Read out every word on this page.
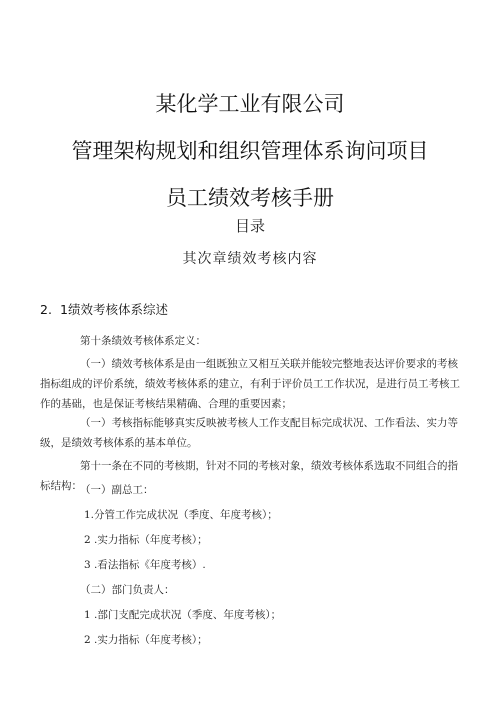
某化学工业有限公司
管理架构规划和组织管理体系询问项目
员工绩效考核手册
目录
其次章绩效考核内容
2. 1绩效考核体系综述
第十条绩效考核体系定义：
（一）绩效考核体系是由一组既独立又相互关联并能较完整地表达评价要求的考核指标组成的评价系统，绩效考核体系的建立，有利于评价员工工作状况，是进行员工考核工作的基础，也是保证考核结果精确、合理的重要因素；
（一）考核指标能够真实反映被考核人工作支配目标完成状况、工作看法、实力等级，是绩效考核体系的基本单位。
第十一条在不同的考核期，针对不同的考核对象，绩效考核体系选取不同组合的指标结构：
（一）副总工：
1.分管工作完成状况（季度、年度考核）；
2 .实力指标（年度考核）；
3 .看法指标《年度考核）.
（二）部门负责人：
1 .部门支配完成状况（季度、年度考核）；
2 .实力指标（年度考核）；
